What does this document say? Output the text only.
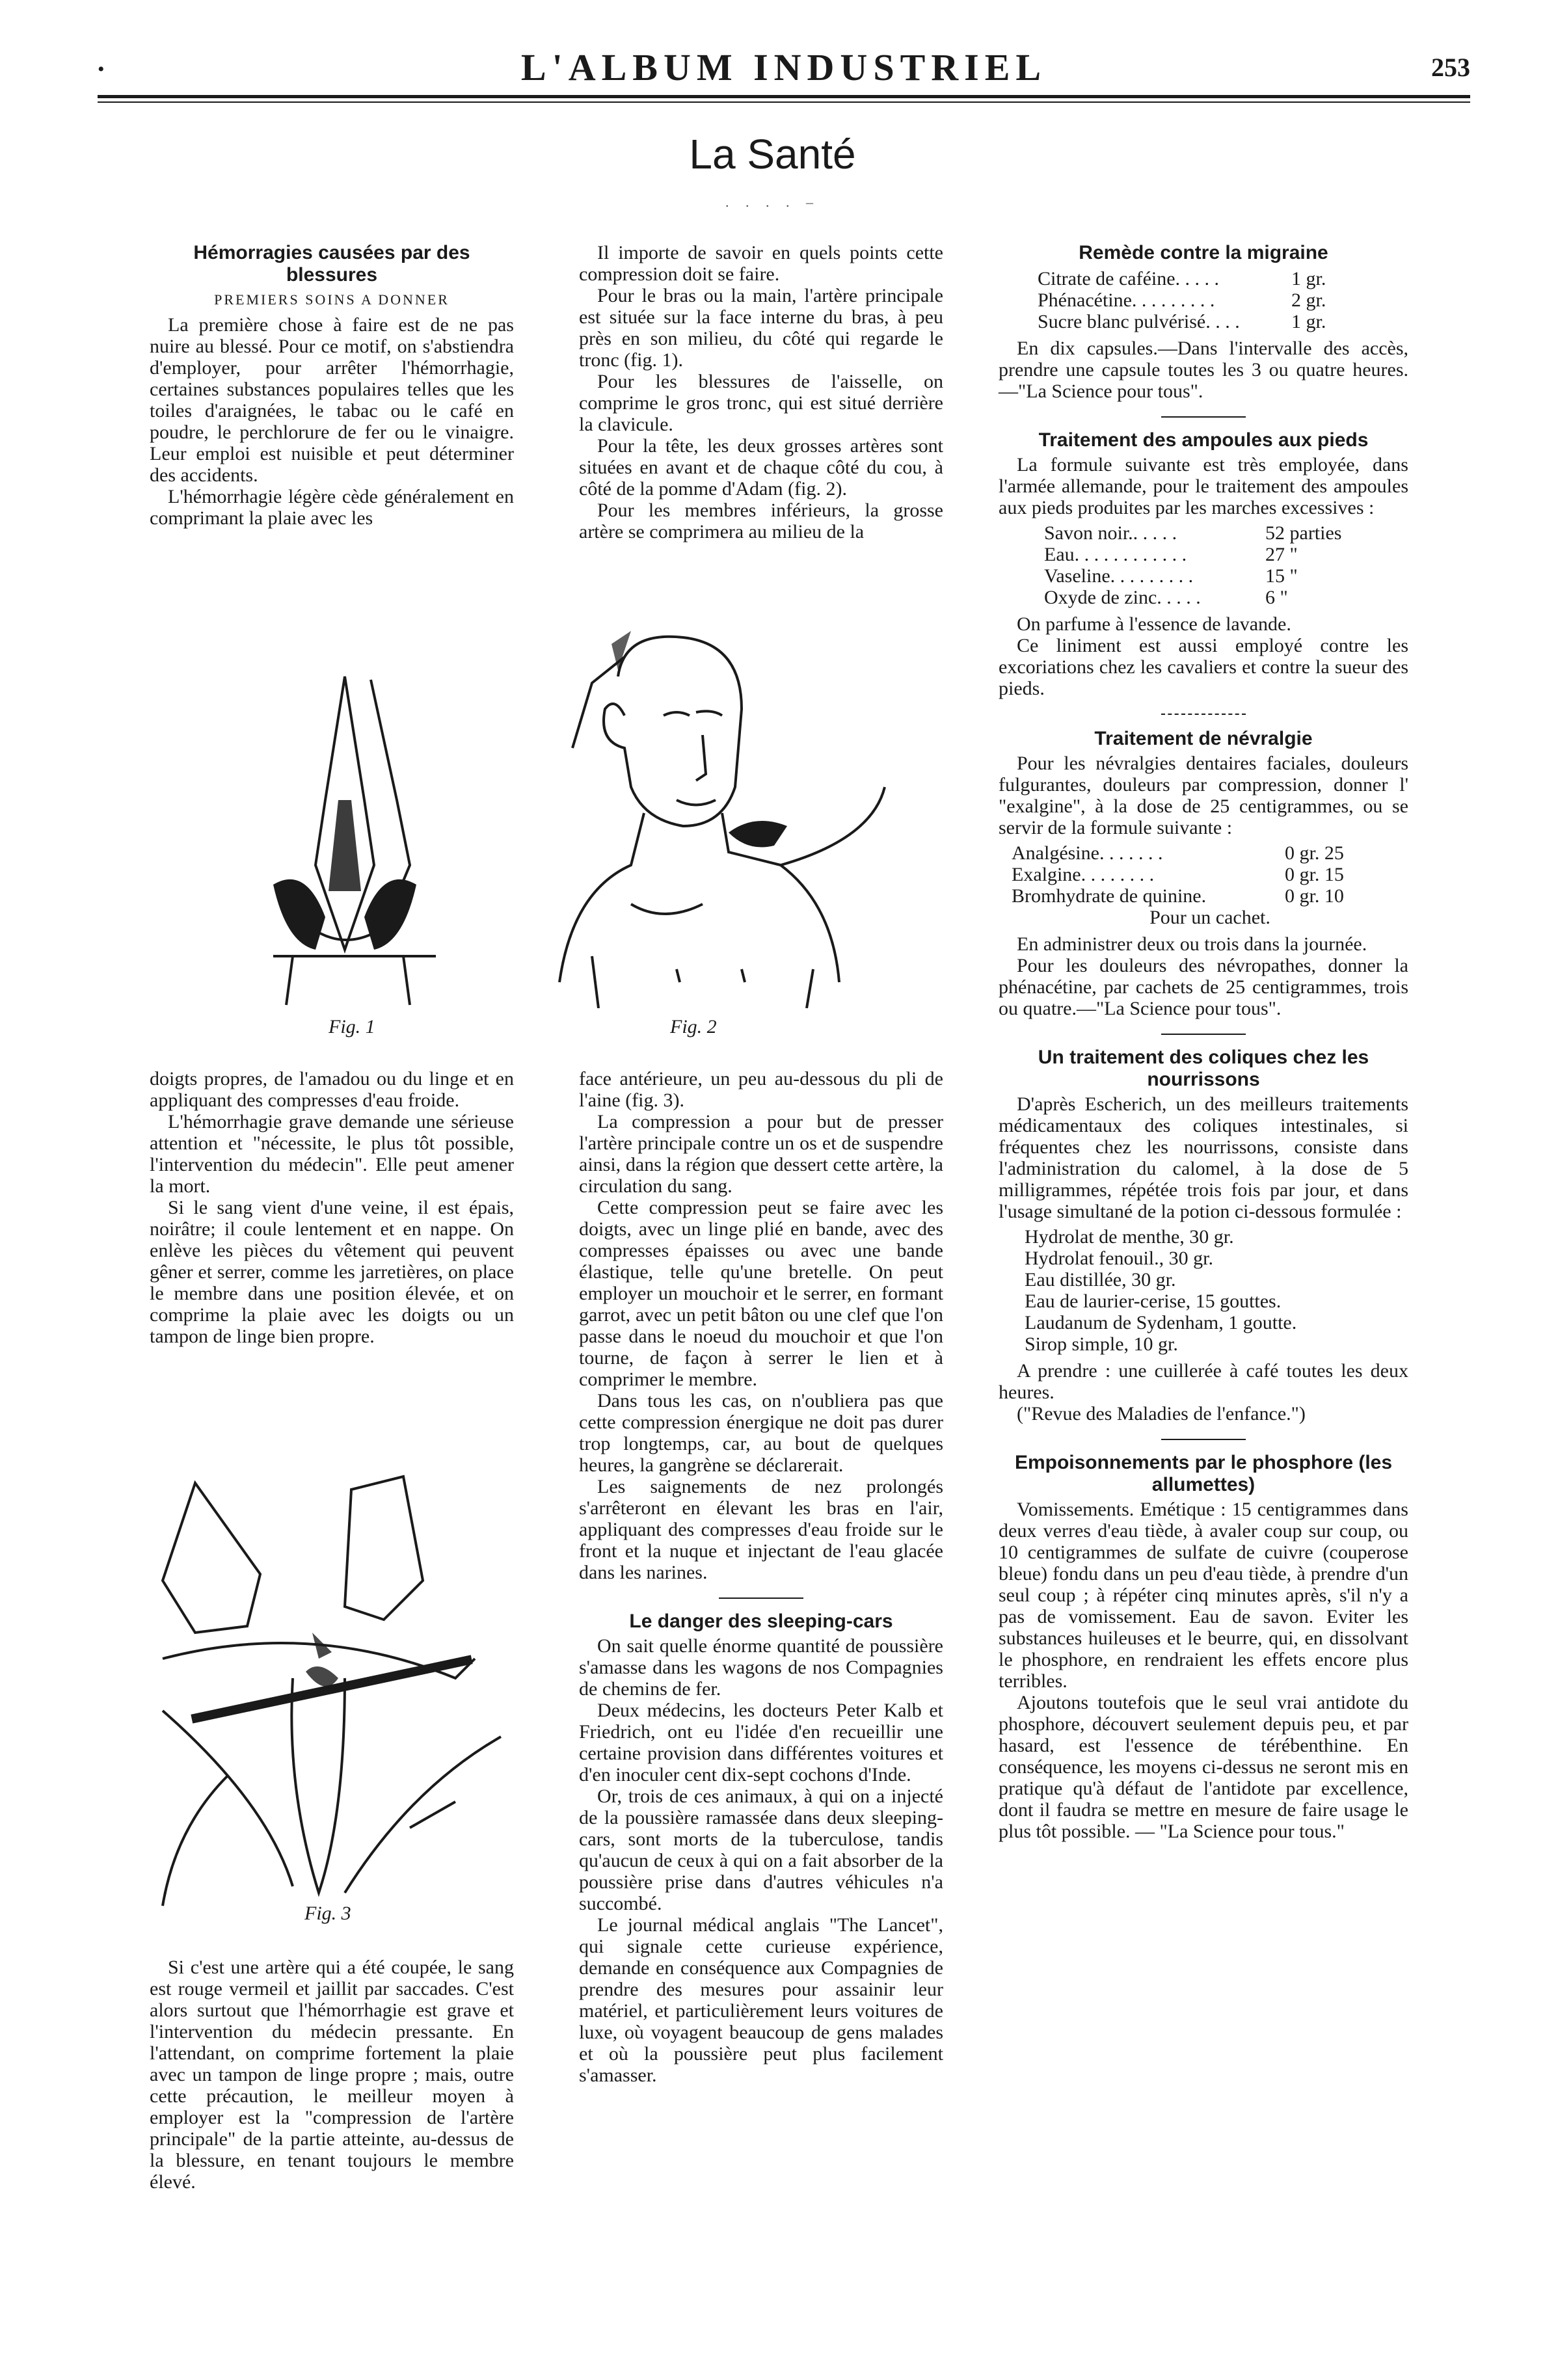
•	L'ALBUM INDUSTRIEL	253
La Santé
. . . . –
Hémorragies causées par des blessures
PREMIERS SOINS A DONNER

La première chose à faire est de ne pas nuire au blessé. Pour ce motif, on s'abstiendra d'employer, pour arrêter l'hémorrhagie, certaines substances populaires telles que les toiles d'araignées, le tabac ou le café en poudre, le perchlorure de fer ou le vinaigre. Leur emploi est nuisible et peut déterminer des accidents.

L'hémorrhagie légère cède généralement en comprimant la plaie avec les

Fig. 1

doigts propres, de l'amadou ou du linge et en appliquant des compresses d'eau froide.

L'hémorrhagie grave demande une sérieuse attention et "nécessite, le plus tôt possible, l'intervention du médecin". Elle peut amener la mort.

Si le sang vient d'une veine, il est épais, noirâtre; il coule lentement et en nappe. On enlève les pièces du vêtement qui peuvent gêner et serrer, comme les jarretières, on place le membre dans une position élevée, et on comprime la plaie avec les doigts ou un tampon de linge bien propre.

Fig. 3

Si c'est une artère qui a été coupée, le sang est rouge vermeil et jaillit par saccades. C'est alors surtout que l'hémorrhagie est grave et l'intervention du médecin pressante. En l'attendant, on comprime fortement la plaie avec un tampon de linge propre ; mais, outre cette précaution, le meilleur moyen à employer est la "compression de l'artère principale" de la partie atteinte, au-dessus de la blessure, en tenant toujours le membre élevé.

Il importe de savoir en quels points cette compression doit se faire.

Pour le bras ou la main, l'artère principale est située sur la face interne du bras, à peu près en son milieu, du côté qui regarde le tronc (fig. 1).

Pour les blessures de l'aisselle, on comprime le gros tronc, qui est situé derrière la clavicule.

Pour la tête, les deux grosses artères sont situées en avant et de chaque côté du cou, à côté de la pomme d'Adam (fig. 2).

Pour les membres inférieurs, la grosse artère se comprimera au milieu de la

Fig. 2

face antérieure, un peu au-dessous du pli de l'aine (fig. 3).

La compression a pour but de presser l'artère principale contre un os et de suspendre ainsi, dans la région que dessert cette artère, la circulation du sang.

Cette compression peut se faire avec les doigts, avec un linge plié en bande, avec des compresses épaisses ou avec une bande élastique, telle qu'une bretelle. On peut employer un mouchoir et le serrer, en formant garrot, avec un petit bâton ou une clef que l'on passe dans le noeud du mouchoir et que l'on tourne, de façon à serrer le lien et à comprimer le membre.

Dans tous les cas, on n'oubliera pas que cette compression énergique ne doit pas durer trop longtemps, car, au bout de quelques heures, la gangrène se déclarerait.

Les saignements de nez prolongés s'arrêteront en élevant les bras en l'air, appliquant des compresses d'eau froide sur le front et la nuque et injectant de l'eau glacée dans les narines.

Le danger des sleeping-cars

On sait quelle énorme quantité de poussière s'amasse dans les wagons de nos Compagnies de chemins de fer.

Deux médecins, les docteurs Peter Kalb et Friedrich, ont eu l'idée d'en recueillir une certaine provision dans différentes voitures et d'en inoculer cent dix-sept cochons d'Inde.

Or, trois de ces animaux, à qui on a injecté de la poussière ramassée dans deux sleeping-cars, sont morts de la tuberculose, tandis qu'aucun de ceux à qui on a fait absorber de la poussière prise dans d'autres véhicules n'a succombé.

Le journal médical anglais "The Lancet", qui signale cette curieuse expérience, demande en conséquence aux Compagnies de prendre des mesures pour assainir leur matériel, et particulièrement leurs voitures de luxe, où voyagent beaucoup de gens malades et où la poussière peut plus facilement s'amasser.

Remède contre la migraine
Citrate de caféine. . . . .	1 gr.
Phénacétine. . . . . . . . .	2 gr.
Sucre blanc pulvérisé. . . .	1 gr.

En dix capsules.—Dans l'intervalle des accès, prendre une capsule toutes les 3 ou quatre heures.—"La Science pour tous".

Traitement des ampoules aux pieds

La formule suivante est très employée, dans l'armée allemande, pour le traitement des ampoules aux pieds produites par les marches excessives :

Savon noir.. . . . .	52 parties
Eau. . . . . . . . . . . .	27 "
Vaseline. . . . . . . . .	15 "
Oxyde de zinc. . . . .	6 "

On parfume à l'essence de lavande.

Ce liniment est aussi employé contre les excoriations chez les cavaliers et contre la sueur des pieds.

Traitement de névralgie

Pour les névralgies dentaires faciales, douleurs fulgurantes, douleurs par compression, donner l' "exalgine", à la dose de 25 centigrammes, ou se servir de la formule suivante :

Analgésine. . . . . . .	0 gr. 25
Exalgine. . . . . . . .	0 gr. 15
Bromhydrate de quinine.	0 gr. 10
Pour un cachet.

En administrer deux ou trois dans la journée.

Pour les douleurs des névropathes, donner la phénacétine, par cachets de 25 centigrammes, trois ou quatre.—"La Science pour tous".

Un traitement des coliques chez les nourrissons

D'après Escherich, un des meilleurs traitements médicamentaux des coliques intestinales, si fréquentes chez les nourrissons, consiste dans l'administration du calomel, à la dose de 5 milligrammes, répétée trois fois par jour, et dans l'usage simultané de la potion ci-dessous formulée :

Hydrolat de menthe, 30 gr.
Hydrolat fenouil., 30 gr.
Eau distillée, 30 gr.
Eau de laurier-cerise, 15 gouttes.
Laudanum de Sydenham, 1 goutte.
Sirop simple, 10 gr.

A prendre : une cuillerée à café toutes les deux heures.

("Revue des Maladies de l'enfance.")

Empoisonnements par le phosphore (les allumettes)

Vomissements. Emétique : 15 centigrammes dans deux verres d'eau tiède, à avaler coup sur coup, ou 10 centigrammes de sulfate de cuivre (couperose bleue) fondu dans un peu d'eau tiède, à prendre d'un seul coup ; à répéter cinq minutes après, s'il n'y a pas de vomissement. Eau de savon. Eviter les substances huileuses et le beurre, qui, en dissolvant le phosphore, en rendraient les effets encore plus terribles.

Ajoutons toutefois que le seul vrai antidote du phosphore, découvert seulement depuis peu, et par hasard, est l'essence de térébenthine. En conséquence, les moyens ci-dessus ne seront mis en pratique qu'à défaut de l'antidote par excellence, dont il faudra se mettre en mesure de faire usage le plus tôt possible. — "La Science pour tous."
